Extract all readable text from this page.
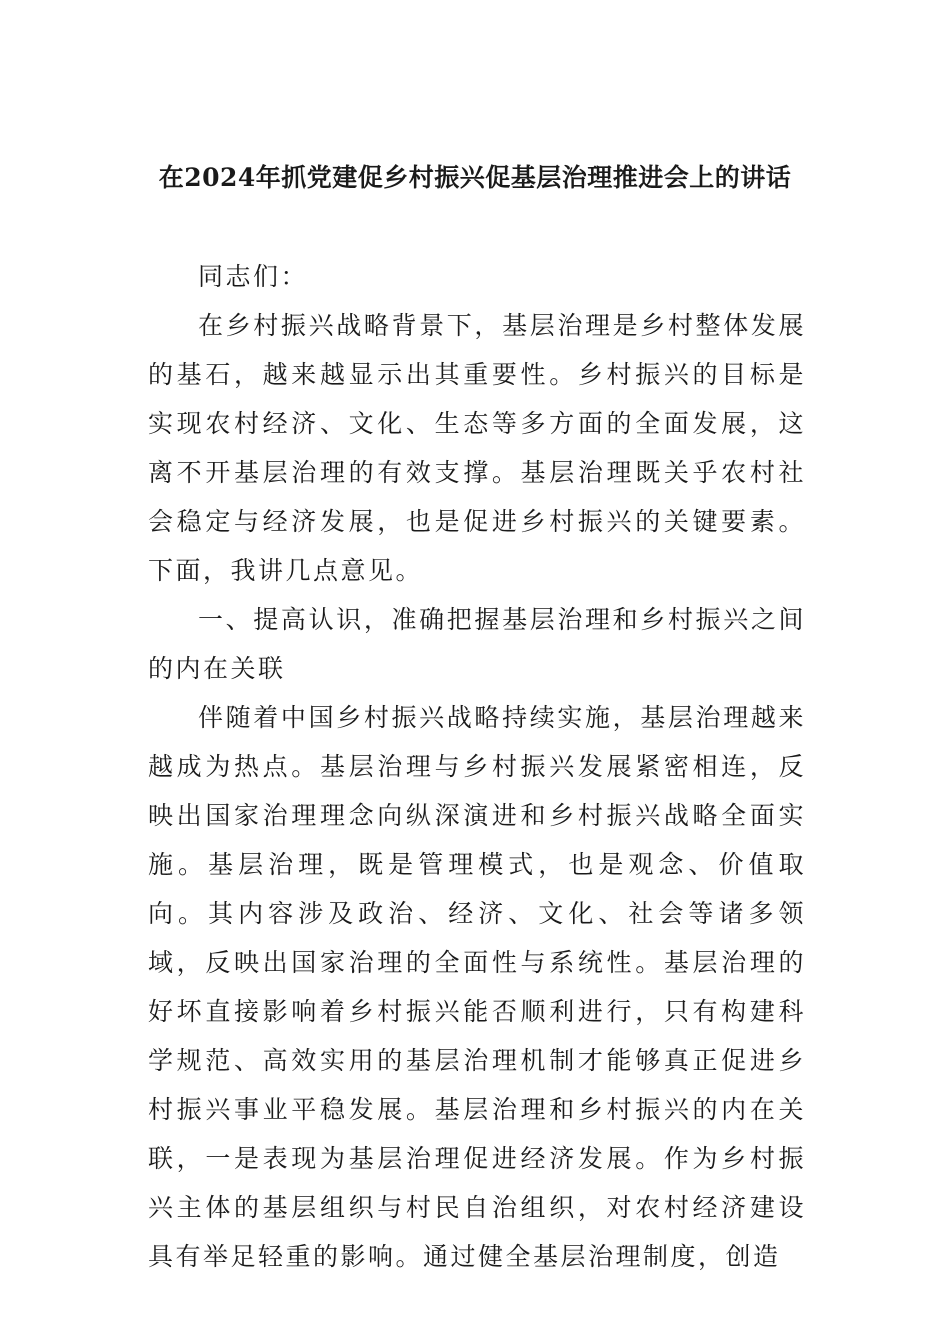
在2024年抓党建促乡村振兴促基层治理推进会上的讲话

同志们：

在乡村振兴战略背景下，基层治理是乡村整体发展的基石，越来越显示出其重要性。乡村振兴的目标是实现农村经济、文化、生态等多方面的全面发展，这离不开基层治理的有效支撑。基层治理既关乎农村社会稳定与经济发展，也是促进乡村振兴的关键要素。下面，我讲几点意见。

一、提高认识，准确把握基层治理和乡村振兴之间的内在关联

伴随着中国乡村振兴战略持续实施，基层治理越来越成为热点。基层治理与乡村振兴发展紧密相连，反映出国家治理理念向纵深演进和乡村振兴战略全面实施。基层治理，既是管理模式，也是观念、价值取向。其内容涉及政治、经济、文化、社会等诸多领域，反映出国家治理的全面性与系统性。基层治理的好坏直接影响着乡村振兴能否顺利进行，只有构建科学规范、高效实用的基层治理机制才能够真正促进乡村振兴事业平稳发展。基层治理和乡村振兴的内在关联，一是表现为基层治理促进经济发展。作为乡村振兴主体的基层组织与村民自治组织，对农村经济建设具有举足轻重的影响。通过健全基层治理制度，创造
